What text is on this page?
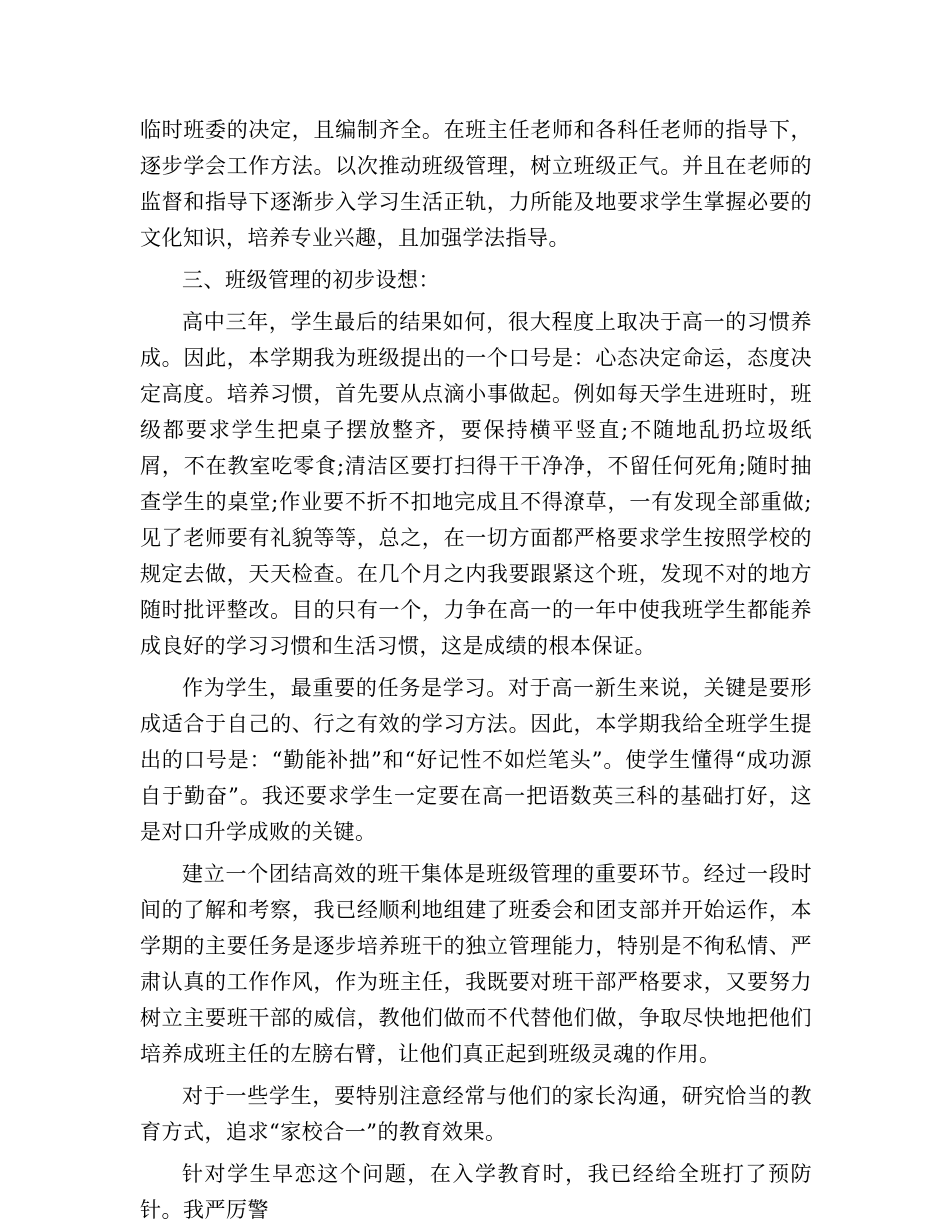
临时班委的决定，且编制齐全。在班主任老师和各科任老师的指导下，逐步学会工作方法。以次推动班级管理，树立班级正气。并且在老师的监督和指导下逐渐步入学习生活正轨，力所能及地要求学生掌握必要的文化知识，培养专业兴趣，且加强学法指导。

三、班级管理的初步设想：

高中三年，学生最后的结果如何，很大程度上取决于高一的习惯养成。因此，本学期我为班级提出的一个口号是：心态决定命运，态度决定高度。培养习惯，首先要从点滴小事做起。例如每天学生进班时，班级都要求学生把桌子摆放整齐，要保持横平竖直;不随地乱扔垃圾纸屑，不在教室吃零食;清洁区要打扫得干干净净，不留任何死角;随时抽查学生的桌堂;作业要不折不扣地完成且不得潦草，一有发现全部重做;见了老师要有礼貌等等，总之，在一切方面都严格要求学生按照学校的规定去做，天天检查。在几个月之内我要跟紧这个班，发现不对的地方随时批评整改。目的只有一个，力争在高一的一年中使我班学生都能养成良好的学习习惯和生活习惯，这是成绩的根本保证。

作为学生，最重要的任务是学习。对于高一新生来说，关键是要形成适合于自己的、行之有效的学习方法。因此，本学期我给全班学生提出的口号是：“勤能补拙”和“好记性不如烂笔头”。使学生懂得“成功源自于勤奋”。我还要求学生一定要在高一把语数英三科的基础打好，这是对口升学成败的关键。

建立一个团结高效的班干集体是班级管理的重要环节。经过一段时间的了解和考察，我已经顺利地组建了班委会和团支部并开始运作，本学期的主要任务是逐步培养班干的独立管理能力，特别是不徇私情、严肃认真的工作作风，作为班主任，我既要对班干部严格要求，又要努力树立主要班干部的威信，教他们做而不代替他们做，争取尽快地把他们培养成班主任的左膀右臂，让他们真正起到班级灵魂的作用。

对于一些学生，要特别注意经常与他们的家长沟通，研究恰当的教育方式，追求“家校合一”的教育效果。

针对学生早恋这个问题，在入学教育时，我已经给全班打了预防针。我严厉警
